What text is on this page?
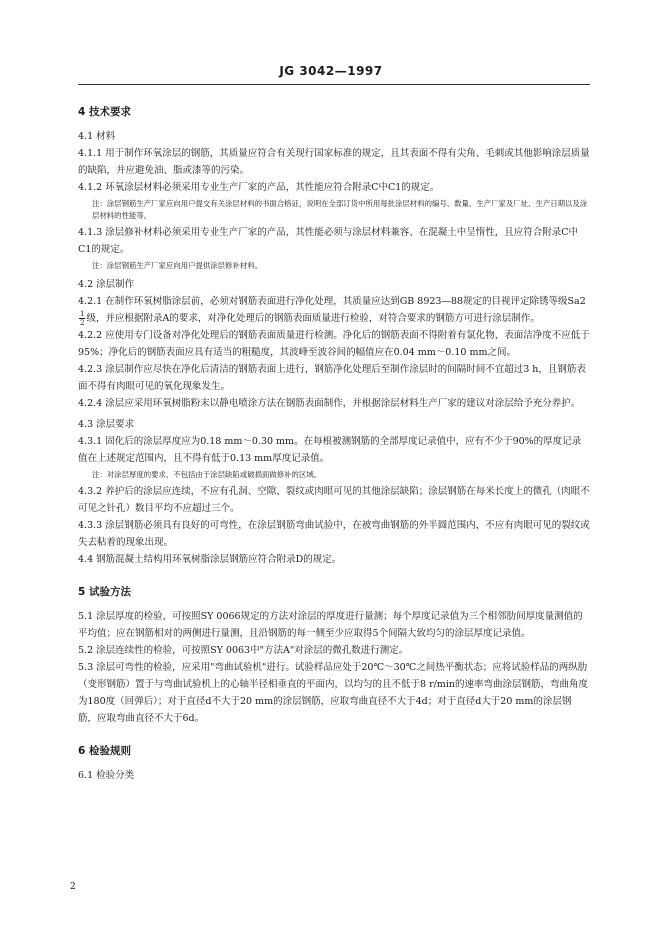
JG 3042—1997
4 技术要求
4.1 材料
4.1.1 用于制作环氧涂层的钢筋，其质量应符合有关现行国家标准的规定，且其表面不得有尖角、毛刺或其他影响涂层质量的缺陷，并应避免油、脂或漆等的污染。
4.1.2 环氧涂层材料必须采用专业生产厂家的产品，其性能应符合附录C中C1的规定。
注：涂层钢筋生产厂家应向用户提交有关涂层材料的书面合格证，说明在全部订货中所用每批涂层材料的编号、数量、生产厂家及厂址、生产日期以及涂层材料的性能等。
4.1.3 涂层修补材料必须采用专业生产厂家的产品，其性能必须与涂层材料兼容、在混凝土中呈惰性，且应符合附录C中C1的规定。
注：涂层钢筋生产厂家应向用户提供涂层修补材料。
4.2 涂层制作
4.2.1 在制作环氧树脂涂层前，必须对钢筋表面进行净化处理，其质量应达到GB 8923—88规定的目视评定除锈等级Sa2
$\frac{1}{2}$ 级，并应根据附录A的要求，对净化处理后的钢筋表面质量进行检验，对符合要求的钢筋方可进行涂层制作。
4.2.2 应使用专门设备对净化处理后的钢筋表面质量进行检测。净化后的钢筋表面不得附着有氯化物，表面洁净度不应低于95%；净化后的钢筋表面应具有适当的粗糙度，其波峰至波谷间的幅值应在0.04 mm～0.10 mm之间。
4.2.3 涂层制作应尽快在净化后清洁的钢筋表面上进行，钢筋净化处理后至制作涂层时的间隔时间不宜超过3 h，且钢筋表面不得有肉眼可见的氧化现象发生。
4.2.4 涂层应采用环氧树脂粉末以静电喷涂方法在钢筋表面制作，并根据涂层材料生产厂家的建议对涂层给予充分养护。
4.3 涂层要求
4.3.1 固化后的涂层厚度应为0.18 mm～0.30 mm。在每根被测钢筋的全部厚度记录值中，应有不少于90%的厚度记录值在上述规定范围内，且不得有低于0.13 mm厚度记录值。
注：对涂层厚度的要求，不包括由于涂层缺陷或破损面做修补的区域。
4.3.2 养护后的涂层应连续，不应有孔洞、空隙、裂纹或肉眼可见的其他涂层缺陷；涂层钢筋在每米长度上的微孔（肉眼不可见之针孔）数目平均不应超过三个。
4.3.3 涂层钢筋必须具有良好的可弯性，在涂层钢筋弯曲试验中，在被弯曲钢筋的外半圆范围内，不应有肉眼可见的裂纹或失去粘着的现象出现。
4.4 钢筋混凝土结构用环氧树脂涂层钢筋应符合附录D的规定。
5 试验方法
5.1 涂层厚度的检验，可按照SY 0066规定的方法对涂层的厚度进行量测；每个厚度记录值为三个相邻肋间厚度量测值的平均值；应在钢筋相对的两侧进行量测，且沿钢筋的每一侧至少应取得5个间隔大致均匀的涂层厚度记录值。
5.2 涂层连续性的检验，可按照SY 0063中"方法A"对涂层的微孔数进行测定。
5.3 涂层可弯性的检验，应采用"弯曲试验机"进行。试验样品应处于20℃～30℃之间热平衡状态；应将试验样品的两纵肋（变形钢筋）置于与弯曲试验机上的心轴半径相垂直的平面内，以均匀的且不低于8 r/min的速率弯曲涂层钢筋，弯曲角度为180度（回弹后）；对于直径d不大于20 mm的涂层钢筋，应取弯曲直径不大于4d；对于直径d大于20 mm的涂层钢筋，应取弯曲直径不大于6d。
6 检验规则
6.1 检验分类
2
